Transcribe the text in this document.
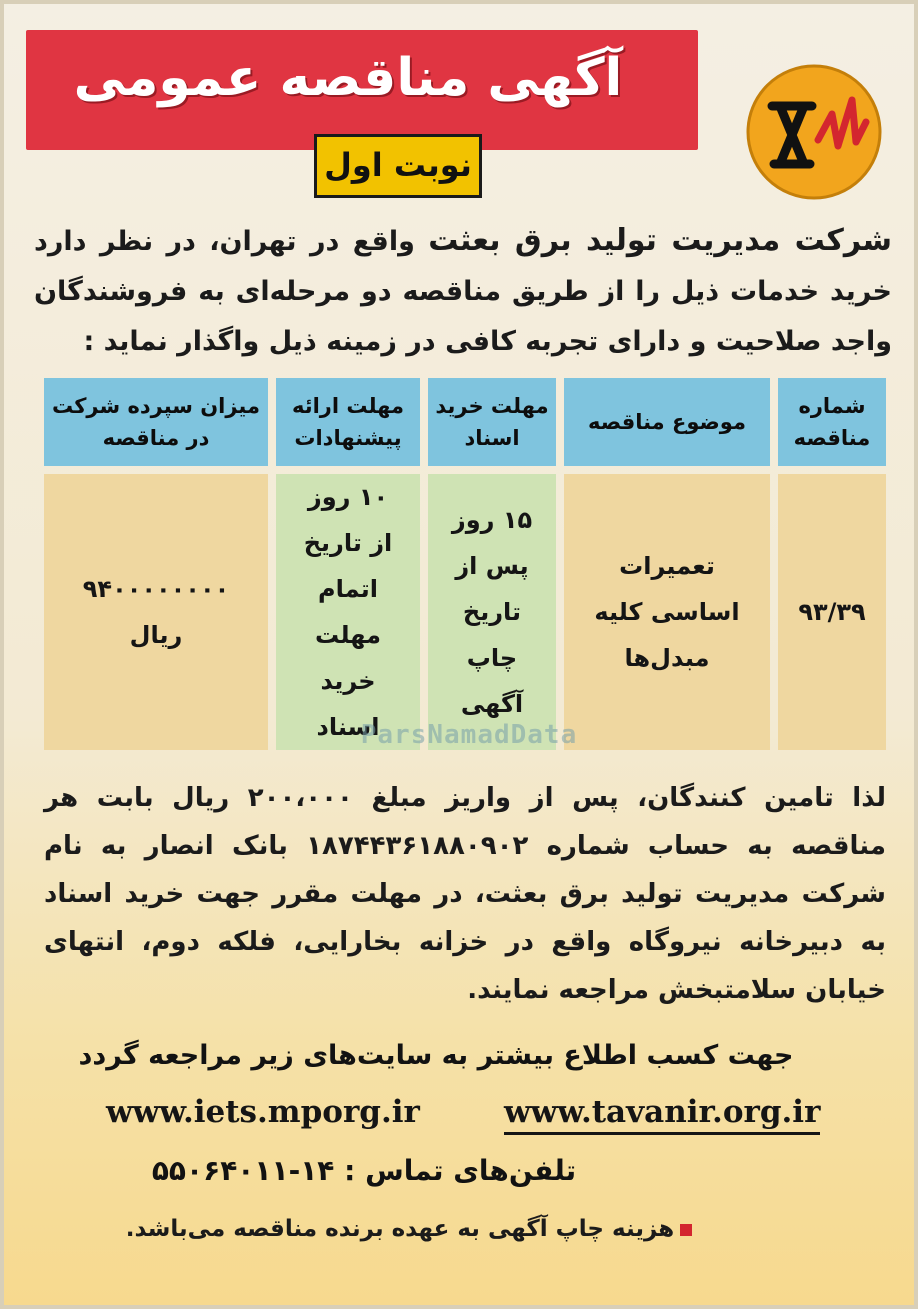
آگهی مناقصه عمومی
نوبت اول
شرکت مدیریت تولید برق بعثت واقع در تهران، در نظر دارد خرید خدمات ذیل را از طریق مناقصه دو مرحله‌ای به فروشندگان واجد صلاحیت و دارای تجربه کافی در زمینه ذیل واگذار نماید :
شماره مناقصه
موضوع مناقصه
مهلت خرید اسناد
مهلت ارائه پیشنهادات
میزان سپرده شرکت در مناقصه
۹۳/۳۹
تعمیرات
اساسی کلیه
مبدل‌ها
۱۵ روز
پس از
تاریخ
چاپ
آگهی
۱۰ روز
از تاریخ
اتمام
مهلت
خرید
اسناد
۹۴۰۰۰۰۰۰۰۰
ریال
ParsNamadData
لذا تامین کنندگان، پس از واریز مبلغ ۲۰۰،۰۰۰ ریال بابت هر مناقصه به حساب شماره ۱۸۷۴۴۳۶۱۸۸۰۹۰۲ بانک انصار به نام شرکت مدیریت تولید برق بعثت، در مهلت مقرر جهت خرید اسناد به دبیرخانه نیروگاه واقع در خزانه بخارایی، فلکه دوم، انتهای خیابان سلامتبخش مراجعه نمایند.
جهت کسب اطلاع بیشتر به سایت‌های زیر مراجعه گردد
www.tavanir.org.ir
www.iets.mporg.ir
تلفن‌های تماس : ۱۴-۵۵۰۶۴۰۱۱
هزینه چاپ آگهی به عهده برنده مناقصه می‌باشد.
